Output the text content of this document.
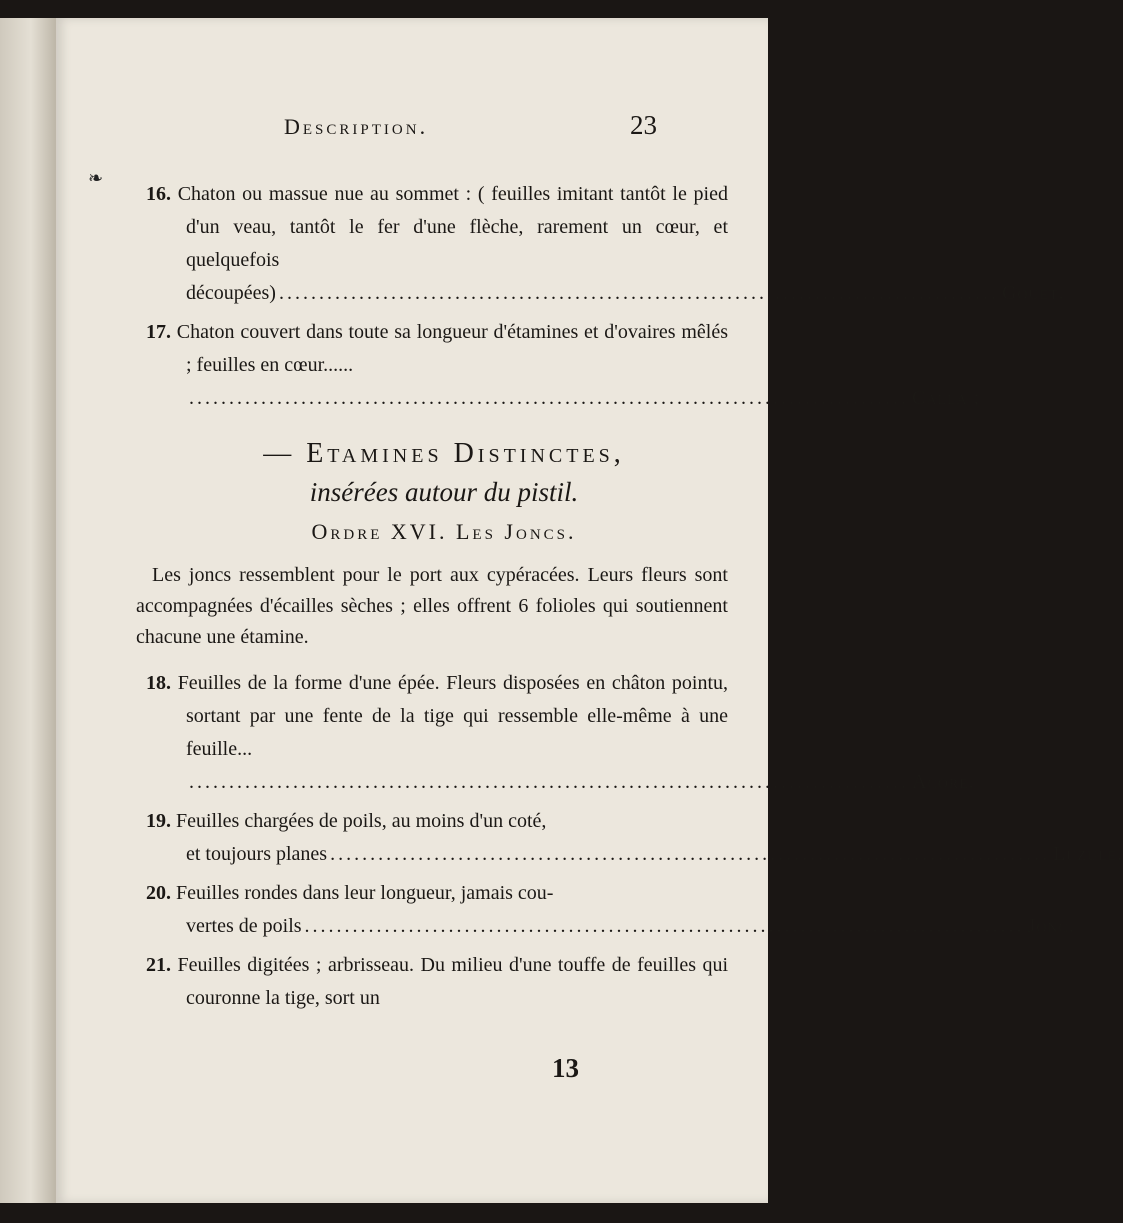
❧
Description.	23
16. Chaton ou massue nue au sommet : ( feuilles imitant tantôt le pied d'un veau, tantôt le fer d'une flèche, rarement un cœur, et quelquefois
découpées) .......................................................................................... Gouet.
17. Chaton couvert dans toute sa longueur d'étamines et d'ovaires mêlés ; feuilles en cœur......
.......................................................................................... Calla ;
— Etamines Distinctes,
insérées autour du pistil.
Ordre XVI. Les Joncs.

Les joncs ressemblent pour le port aux cypéracées. Leurs fleurs sont accompagnées d'écailles sèches ; elles offrent 6 folioles qui soutiennent chacune une étamine.

18. Feuilles de la forme d'une épée. Fleurs disposées en châton pointu, sortant par une fente de la tige qui ressemble elle-même à une feuille...
.......................................................................................... Acore.
19. Feuilles chargées de poils, au moins d'un coté,
et toujours planes .......................................................................................... Luzule.
20. Feuilles rondes dans leur longueur, jamais cou-
vertes de poils .......................................................................................... Jonc.
21. Feuilles digitées ; arbrisseau. Du milieu d'une touffe de feuilles qui couronne la tige, sort un
13
